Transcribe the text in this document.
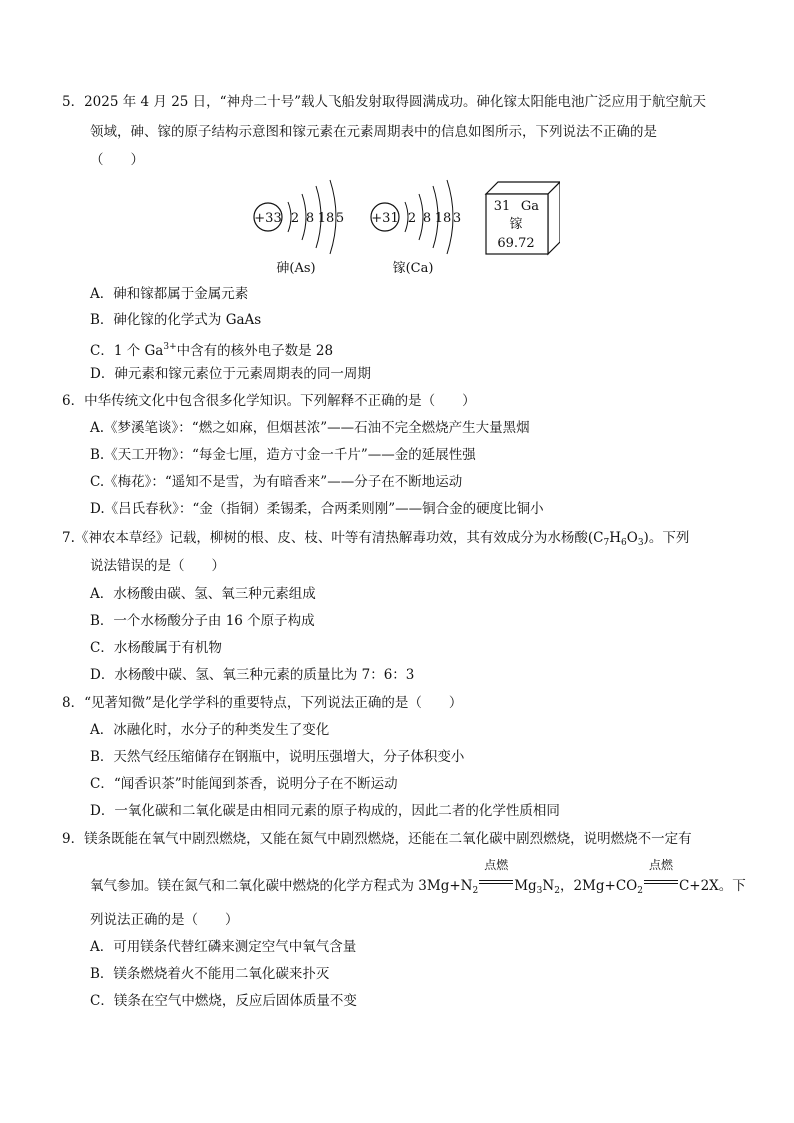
5．2025 年 4 月 25 日，“神舟二十号”载人飞船发射取得圆满成功。砷化镓太阳能电池广泛应用于航空航天
领域，砷、镓的原子结构示意图和镓元素在元素周期表中的信息如图所示，下列说法不正确的是
（　　）
+33 2 8 18 5
砷(As)
+31 2 8 18 3
镓(Ca)
31 Ga
镓
69.72
A．砷和镓都属于金属元素
B．砷化镓的化学式为 GaAs
C．1 个 $Ga^{3+}$中含有的核外电子数是 28
D．砷元素和镓元素位于元素周期表的同一周期
6．中华传统文化中包含很多化学知识。下列解释不正确的是（　　）
A.《梦溪笔谈》：“燃之如麻，但烟甚浓”——石油不完全燃烧产生大量黑烟
B.《天工开物》：“每金七厘，造方寸金一千片”——金的延展性强
C.《梅花》：“遥知不是雪，为有暗香来”——分子在不断地运动
D.《吕氏春秋》：“金（指铜）柔锡柔，合两柔则刚”——铜合金的硬度比铜小
7.《神农本草经》记载，柳树的根、皮、枝、叶等有清热解毒功效，其有效成分为水杨酸$(C_7H_6O_3)$。下列
说法错误的是（　　）
A．水杨酸由碳、氢、氧三种元素组成
B．一个水杨酸分子由 16 个原子构成
C．水杨酸属于有机物
D．水杨酸中碳、氢、氧三种元素的质量比为 7：6：3
8．“见著知微”是化学学科的重要特点，下列说法正确的是（　　）
A．冰融化时，水分子的种类发生了变化
B．天然气经压缩储存在钢瓶中，说明压强增大，分子体积变小
C．“闻香识茶”时能闻到茶香，说明分子在不断运动
D．一氧化碳和二氧化碳是由相同元素的原子构成的，因此二者的化学性质相同
9．镁条既能在氧气中剧烈燃烧，又能在氮气中剧烈燃烧，还能在二氧化碳中剧烈燃烧，说明燃烧不一定有
氧气参加。镁在氮气和二氧化碳中燃烧的化学方程式为 $3Mg+N_2$
点燃
$Mg_3N_2$，$2Mg+CO_2$
点燃
C+2X。下
列说法正确的是（　　）
A．可用镁条代替红磷来测定空气中氧气含量
B．镁条燃烧着火不能用二氧化碳来扑灭
C．镁条在空气中燃烧，反应后固体质量不变
